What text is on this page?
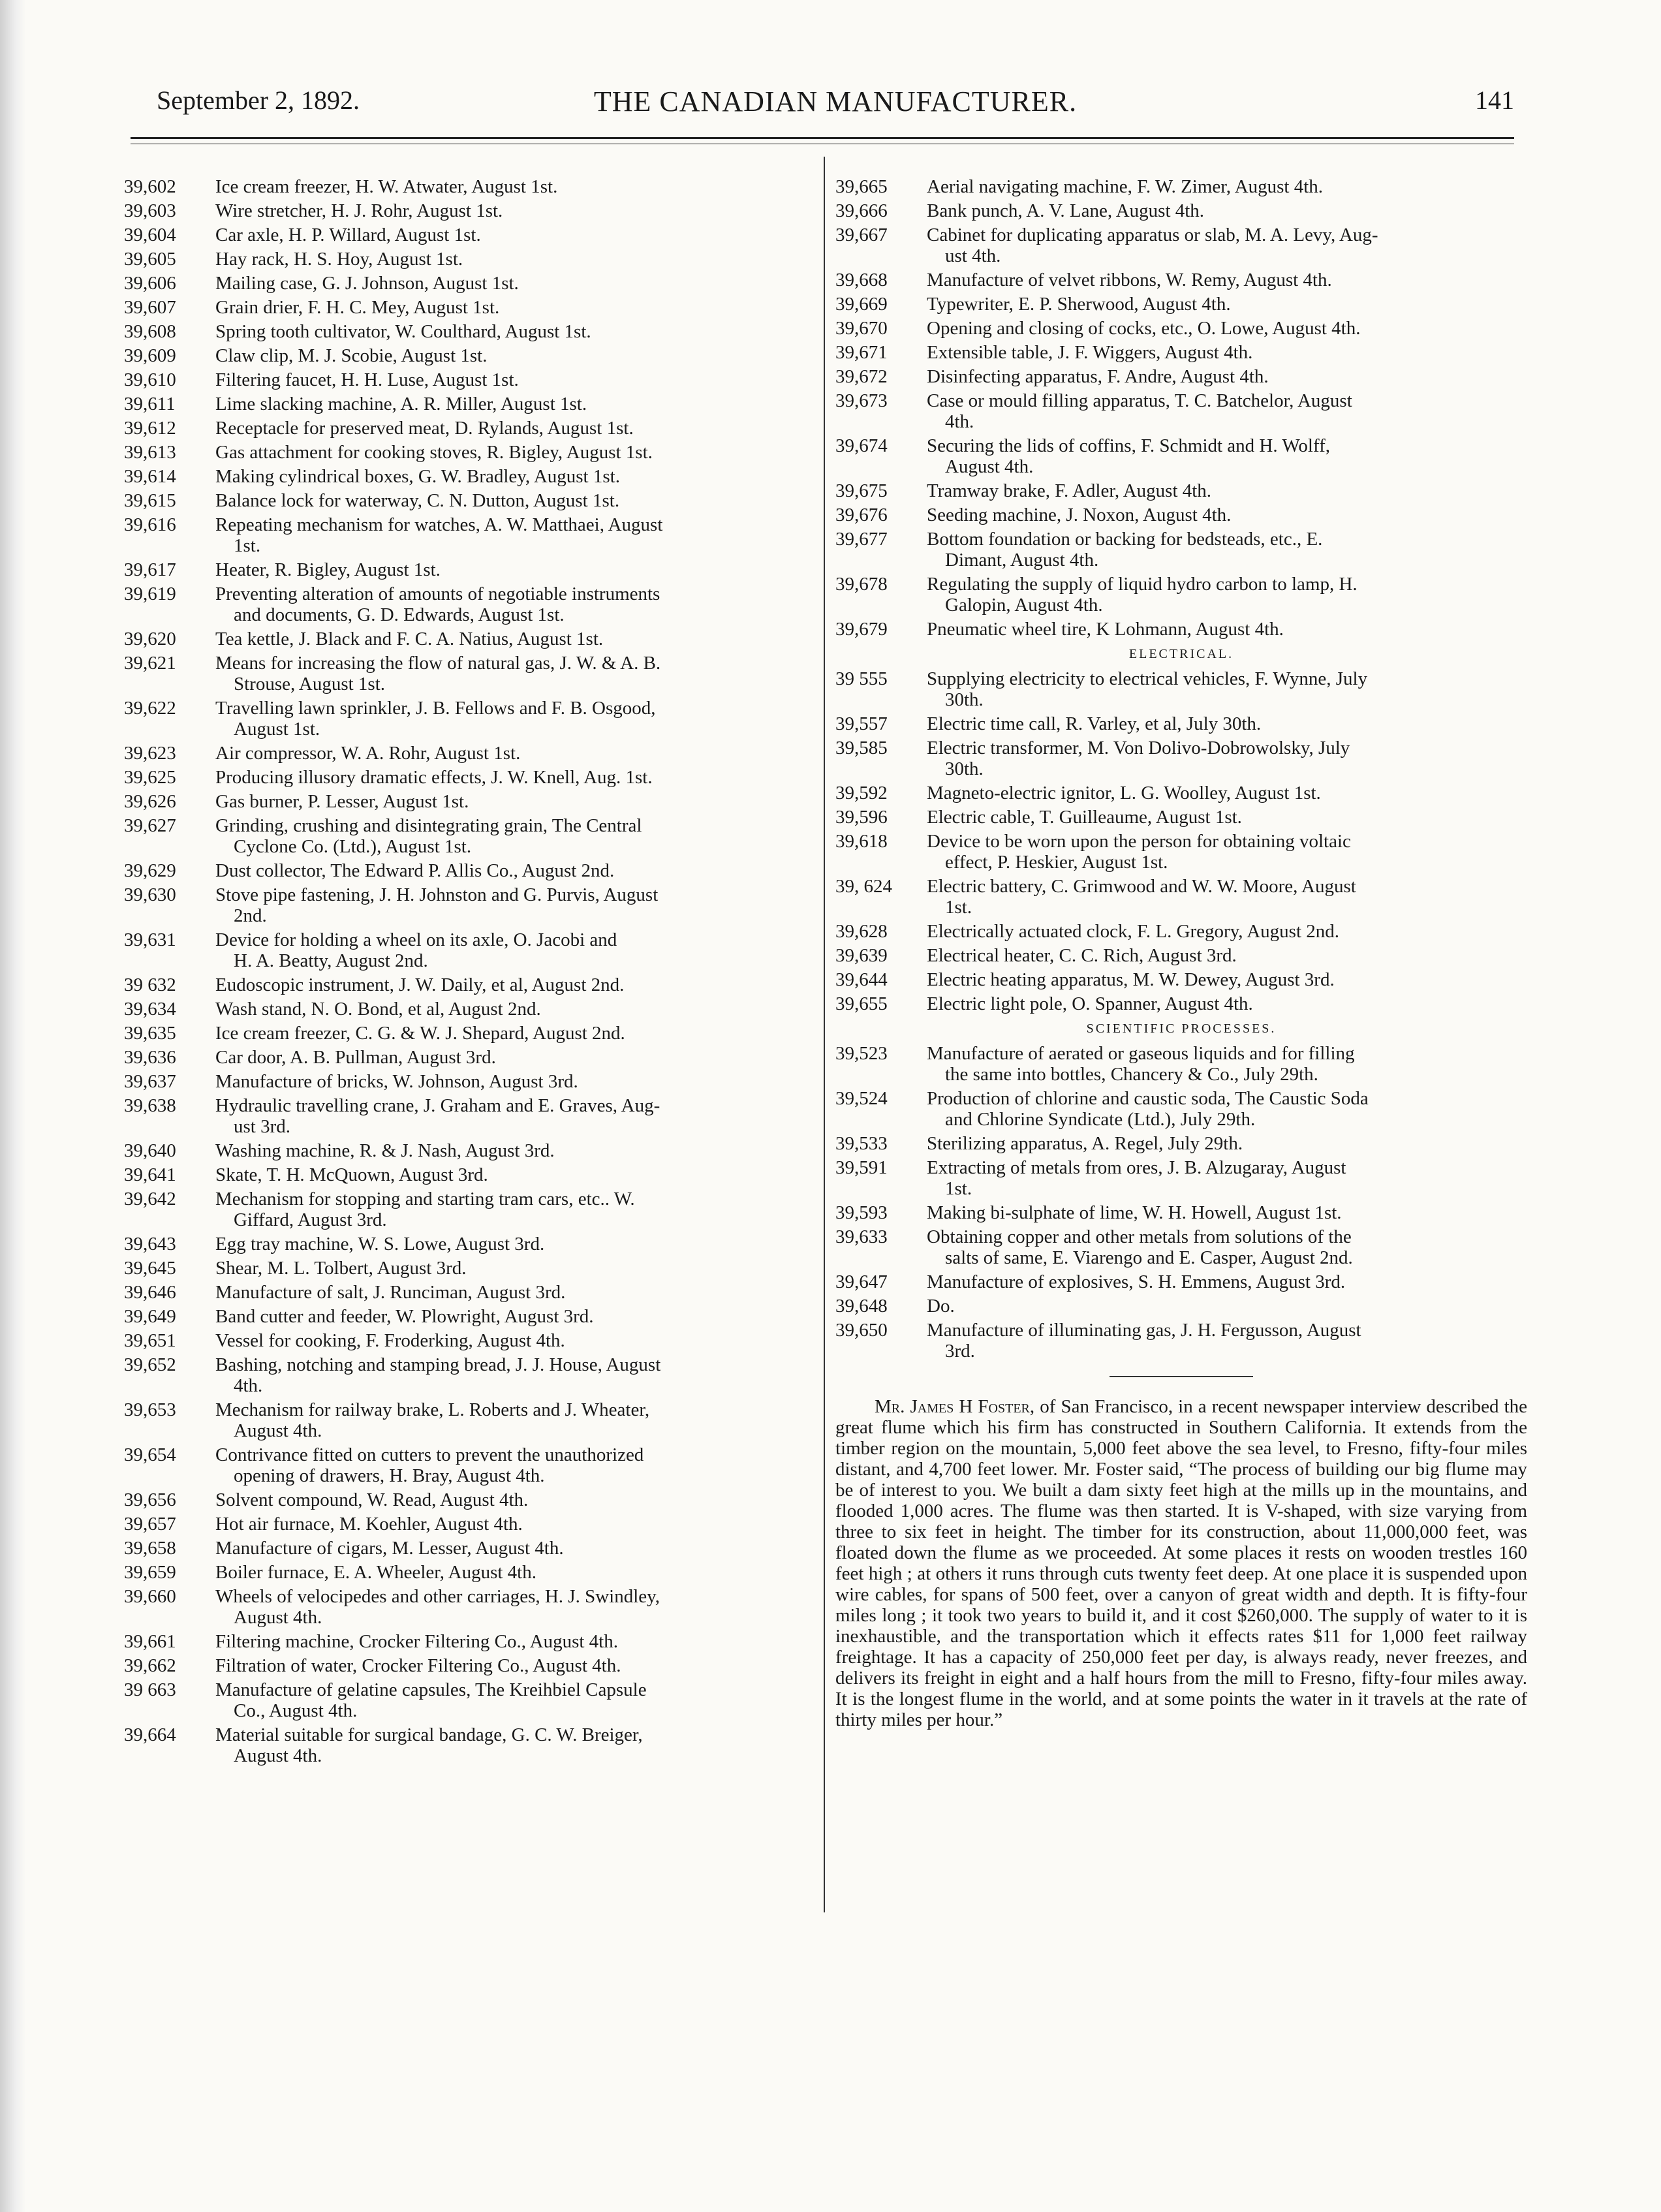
September 2, 1892.	THE CANADIAN MANUFACTURER.	141
39,602	Ice cream freezer, H. W. Atwater, August 1st.
39,603	Wire stretcher, H. J. Rohr, August 1st.
39,604	Car axle, H. P. Willard, August 1st.
39,605	Hay rack, H. S. Hoy, August 1st.
39,606	Mailing case, G. J. Johnson, August 1st.
39,607	Grain drier, F. H. C. Mey, August 1st.
39,608	Spring tooth cultivator, W. Coulthard, August 1st.
39,609	Claw clip, M. J. Scobie, August 1st.
39,610	Filtering faucet, H. H. Luse, August 1st.
39,611	Lime slacking machine, A. R. Miller, August 1st.
39,612	Receptacle for preserved meat, D. Rylands, August 1st.
39,613	Gas attachment for cooking stoves, R. Bigley, August 1st.
39,614	Making cylindrical boxes, G. W. Bradley, August 1st.
39,615	Balance lock for waterway, C. N. Dutton, August 1st.
39,616	Repeating mechanism for watches, A. W. Matthaei, August
1st.
39,617	Heater, R. Bigley, August 1st.
39,619	Preventing alteration of amounts of negotiable instruments
and documents, G. D. Edwards, August 1st.
39,620	Tea kettle, J. Black and F. C. A. Natius, August 1st.
39,621	Means for increasing the flow of natural gas, J. W. & A. B.
Strouse, August 1st.
39,622	Travelling lawn sprinkler, J. B. Fellows and F. B. Osgood,
August 1st.
39,623	Air compressor, W. A. Rohr, August 1st.
39,625	Producing illusory dramatic effects, J. W. Knell, Aug. 1st.
39,626	Gas burner, P. Lesser, August 1st.
39,627	Grinding, crushing and disintegrating grain, The Central
Cyclone Co. (Ltd.), August 1st.
39,629	Dust collector, The Edward P. Allis Co., August 2nd.
39,630	Stove pipe fastening, J. H. Johnston and G. Purvis, August
2nd.
39,631	Device for holding a wheel on its axle, O. Jacobi and
H. A. Beatty, August 2nd.
39 632	Eudoscopic instrument, J. W. Daily, et al, August 2nd.
39,634	Wash stand, N. O. Bond, et al, August 2nd.
39,635	Ice cream freezer, C. G. & W. J. Shepard, August 2nd.
39,636	Car door, A. B. Pullman, August 3rd.
39,637	Manufacture of bricks, W. Johnson, August 3rd.
39,638	Hydraulic travelling crane, J. Graham and E. Graves, Aug-
ust 3rd.
39,640	Washing machine, R. & J. Nash, August 3rd.
39,641	Skate, T. H. McQuown, August 3rd.
39,642	Mechanism for stopping and starting tram cars, etc.. W.
Giffard, August 3rd.
39,643	Egg tray machine, W. S. Lowe, August 3rd.
39,645	Shear, M. L. Tolbert, August 3rd.
39,646	Manufacture of salt, J. Runciman, August 3rd.
39,649	Band cutter and feeder, W. Plowright, August 3rd.
39,651	Vessel for cooking, F. Froderking, August 4th.
39,652	Bashing, notching and stamping bread, J. J. House, August
4th.
39,653	Mechanism for railway brake, L. Roberts and J. Wheater,
August 4th.
39,654	Contrivance fitted on cutters to prevent the unauthorized
opening of drawers, H. Bray, August 4th.
39,656	Solvent compound, W. Read, August 4th.
39,657	Hot air furnace, M. Koehler, August 4th.
39,658	Manufacture of cigars, M. Lesser, August 4th.
39,659	Boiler furnace, E. A. Wheeler, August 4th.
39,660	Wheels of velocipedes and other carriages, H. J. Swindley,
August 4th.
39,661	Filtering machine, Crocker Filtering Co., August 4th.
39,662	Filtration of water, Crocker Filtering Co., August 4th.
39 663	Manufacture of gelatine capsules, The Kreihbiel Capsule
Co., August 4th.
39,664	Material suitable for surgical bandage, G. C. W. Breiger,
August 4th.
39,665	Aerial navigating machine, F. W. Zimer, August 4th.
39,666	Bank punch, A. V. Lane, August 4th.
39,667	Cabinet for duplicating apparatus or slab, M. A. Levy, Aug-
ust 4th.
39,668	Manufacture of velvet ribbons, W. Remy, August 4th.
39,669	Typewriter, E. P. Sherwood, August 4th.
39,670	Opening and closing of cocks, etc., O. Lowe, August 4th.
39,671	Extensible table, J. F. Wiggers, August 4th.
39,672	Disinfecting apparatus, F. Andre, August 4th.
39,673	Case or mould filling apparatus, T. C. Batchelor, August
4th.
39,674	Securing the lids of coffins, F. Schmidt and H. Wolff,
August 4th.
39,675	Tramway brake, F. Adler, August 4th.
39,676	Seeding machine, J. Noxon, August 4th.
39,677	Bottom foundation or backing for bedsteads, etc., E.
Dimant, August 4th.
39,678	Regulating the supply of liquid hydro carbon to lamp, H.
Galopin, August 4th.
39,679	Pneumatic wheel tire, K Lohmann, August 4th.
ELECTRICAL.
39 555	Supplying electricity to electrical vehicles, F. Wynne, July
30th.
39,557	Electric time call, R. Varley, et al, July 30th.
39,585	Electric transformer, M. Von Dolivo-Dobrowolsky, July
30th.
39,592	Magneto-electric ignitor, L. G. Woolley, August 1st.
39,596	Electric cable, T. Guilleaume, August 1st.
39,618	Device to be worn upon the person for obtaining voltaic
effect, P. Heskier, August 1st.
39, 624	Electric battery, C. Grimwood and W. W. Moore, August
1st.
39,628	Electrically actuated clock, F. L. Gregory, August 2nd.
39,639	Electrical heater, C. C. Rich, August 3rd.
39,644	Electric heating apparatus, M. W. Dewey, August 3rd.
39,655	Electric light pole, O. Spanner, August 4th.
SCIENTIFIC PROCESSES.
39,523	Manufacture of aerated or gaseous liquids and for filling
the same into bottles, Chancery & Co., July 29th.
39,524	Production of chlorine and caustic soda, The Caustic Soda
and Chlorine Syndicate (Ltd.), July 29th.
39,533	Sterilizing apparatus, A. Regel, July 29th.
39,591	Extracting of metals from ores, J. B. Alzugaray, August
1st.
39,593	Making bi-sulphate of lime, W. H. Howell, August 1st.
39,633	Obtaining copper and other metals from solutions of the
salts of same, E. Viarengo and E. Casper, August 2nd.
39,647	Manufacture of explosives, S. H. Emmens, August 3rd.
39,648	Do.
39,650	Manufacture of illuminating gas, J. H. Fergusson, August
3rd.

Mr. James H Foster, of San Francisco, in a recent newspaper interview described the great flume which his firm has constructed in Southern California. It extends from the timber region on the mountain, 5,000 feet above the sea level, to Fresno, fifty-four miles distant, and 4,700 feet lower. Mr. Foster said, “The process of building our big flume may be of interest to you. We built a dam sixty feet high at the mills up in the mountains, and flooded 1,000 acres. The flume was then started. It is V-shaped, with size varying from three to six feet in height. The timber for its construction, about 11,000,000 feet, was floated down the flume as we proceeded. At some places it rests on wooden trestles 160 feet high ; at others it runs through cuts twenty feet deep. At one place it is suspended upon wire cables, for spans of 500 feet, over a canyon of great width and depth. It is fifty-four miles long ; it took two years to build it, and it cost $260,000. The supply of water to it is inexhaustible, and the transportation which it effects rates $11 for 1,000 feet railway freightage. It has a capacity of 250,000 feet per day, is always ready, never freezes, and delivers its freight in eight and a half hours from the mill to Fresno, fifty-four miles away. It is the longest flume in the world, and at some points the water in it travels at the rate of thirty miles per hour.”
